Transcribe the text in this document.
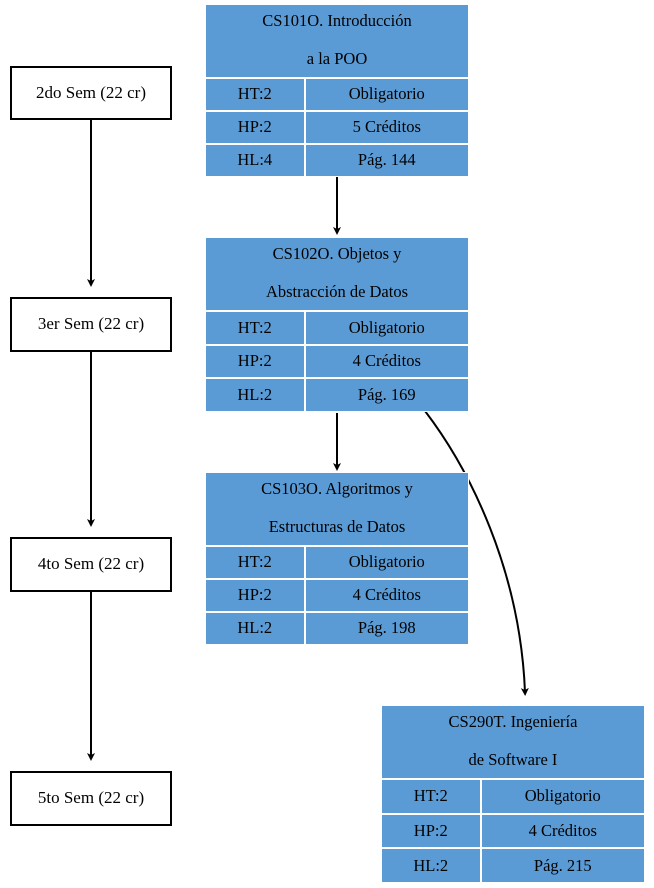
2do Sem (22 cr)
3er Sem (22 cr)
4to Sem (22 cr)
5to Sem (22 cr)
CS101O. Introducción

a la POO
HT:2	Obligatorio
HP:2	5 Créditos
HL:4	Pág. 144
CS102O. Objetos y

Abstracción de Datos
HT:2	Obligatorio
HP:2	4 Créditos
HL:2	Pág. 169
CS103O. Algoritmos y

Estructuras de Datos
HT:2	Obligatorio
HP:2	4 Créditos
HL:2	Pág. 198
CS290T. Ingeniería

de Software I
HT:2	Obligatorio
HP:2	4 Créditos
HL:2	Pág. 215
